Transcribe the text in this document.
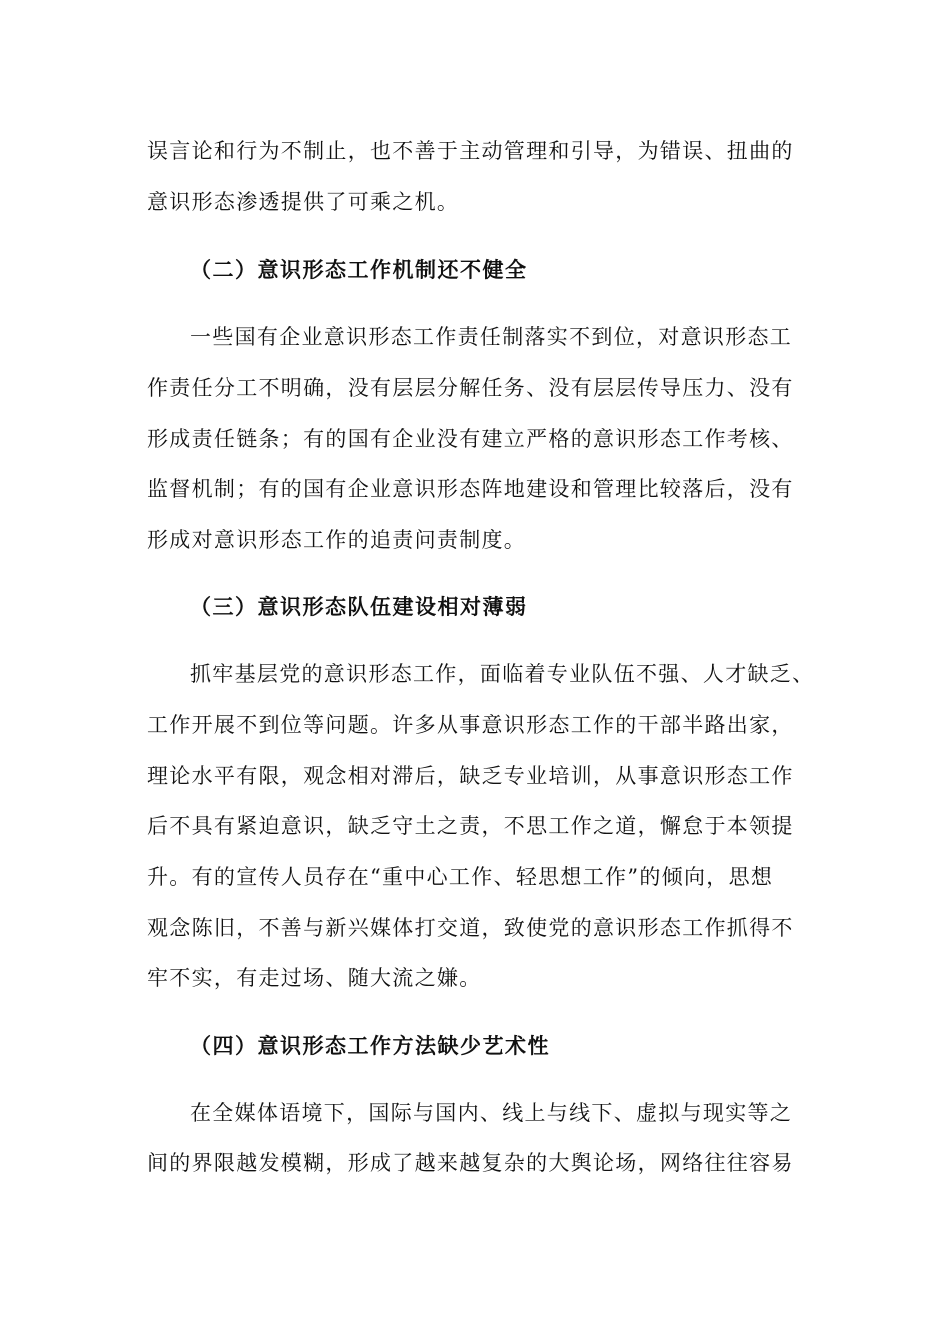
误言论和行为不制止，也不善于主动管理和引导，为错误、扭曲的
意识形态渗透提供了可乘之机。
（二）意识形态工作机制还不健全
一些国有企业意识形态工作责任制落实不到位，对意识形态工
作责任分工不明确，没有层层分解任务、没有层层传导压力、没有
形成责任链条；有的国有企业没有建立严格的意识形态工作考核、
监督机制；有的国有企业意识形态阵地建设和管理比较落后，没有
形成对意识形态工作的追责问责制度。
（三）意识形态队伍建设相对薄弱
抓牢基层党的意识形态工作，面临着专业队伍不强、人才缺乏、
工作开展不到位等问题。许多从事意识形态工作的干部半路出家，
理论水平有限，观念相对滞后，缺乏专业培训，从事意识形态工作
后不具有紧迫意识，缺乏守土之责，不思工作之道，懈怠于本领提
升。有的宣传人员存在“重中心工作、轻思想工作”的倾向，思想
观念陈旧，不善与新兴媒体打交道，致使党的意识形态工作抓得不
牢不实，有走过场、随大流之嫌。
（四）意识形态工作方法缺少艺术性
在全媒体语境下，国际与国内、线上与线下、虚拟与现实等之
间的界限越发模糊，形成了越来越复杂的大舆论场，网络往往容易
